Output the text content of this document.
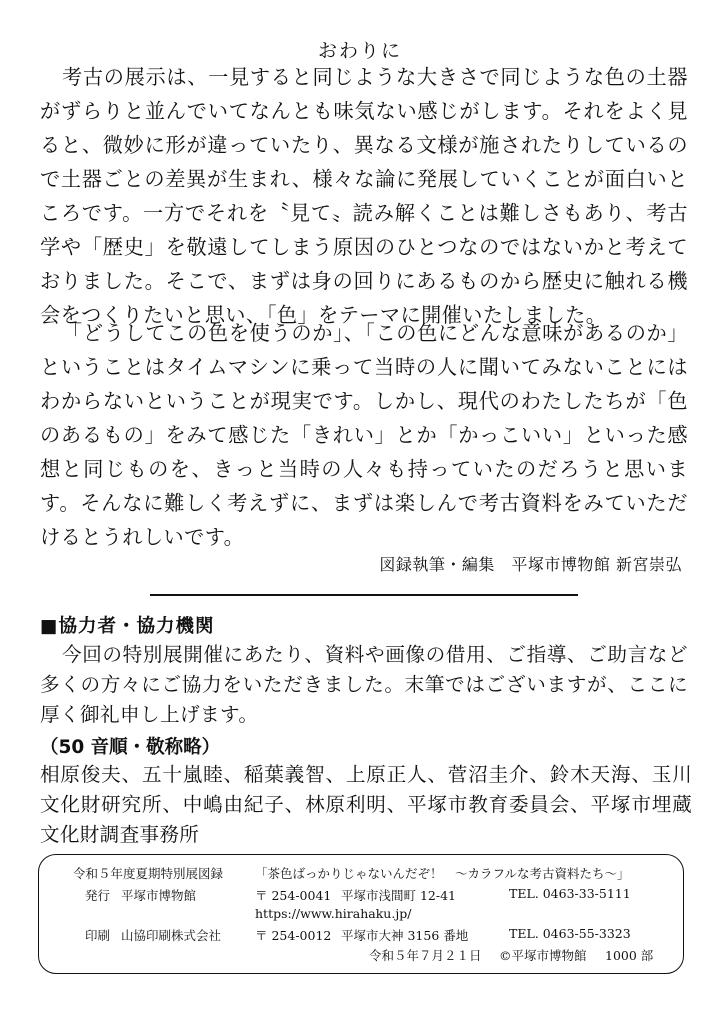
おわりに

考古の展示は、一見すると同じような大きさで同じような色の土器がずらりと並んでいてなんとも味気ない感じがします。それをよく見ると、微妙に形が違っていたり、異なる文様が施されたりしているので土器ごとの差異が生まれ、様々な論に発展していくことが面白いところです。一方でそれを〝見て〟読み解くことは難しさもあり、考古学や「歴史」を敬遠してしまう原因のひとつなのではないかと考えておりました。そこで、まずは身の回りにあるものから歴史に触れる機会をつくりたいと思い、「色」をテーマに開催いたしました。

「どうしてこの色を使うのか」、「この色にどんな意味があるのか」ということはタイムマシンに乗って当時の人に聞いてみないことにはわからないということが現実です。しかし、現代のわたしたちが「色のあるもの」をみて感じた「きれい」とか「かっこいい」といった感想と同じものを、きっと当時の人々も持っていたのだろうと思います。そんなに難しく考えずに、まずは楽しんで考古資料をみていただけるとうれしいです。

図録執筆・編集　平塚市博物館 新宮崇弘
■協力者・協力機関

今回の特別展開催にあたり、資料や画像の借用、ご指導、ご助言など多くの方々にご協力をいただきました。末筆ではございますが、ここに厚く御礼申し上げます。

（50 音順・敬称略）

相原俊夫、五十嵐睦、稲葉義智、上原正人、菅沼圭介、鈴木天海、玉川文化財研究所、中嶋由紀子、林原利明、平塚市教育委員会、平塚市埋蔵文化財調査事務所

令和５年度夏期特別展図録	「茶色ばっかりじゃないんだぞ！　～カラフルな考古資料たち～」
発行 平塚市博物館	〒 254-0041 平塚市浅間町 12-41	TEL. 0463-33-5111
https://www.hirahaku.jp/
印刷 山協印刷株式会社	〒 254-0012 平塚市大神 3156 番地	TEL. 0463-55-3323
令和５年７月２１日 ©平塚市博物館 1000 部
